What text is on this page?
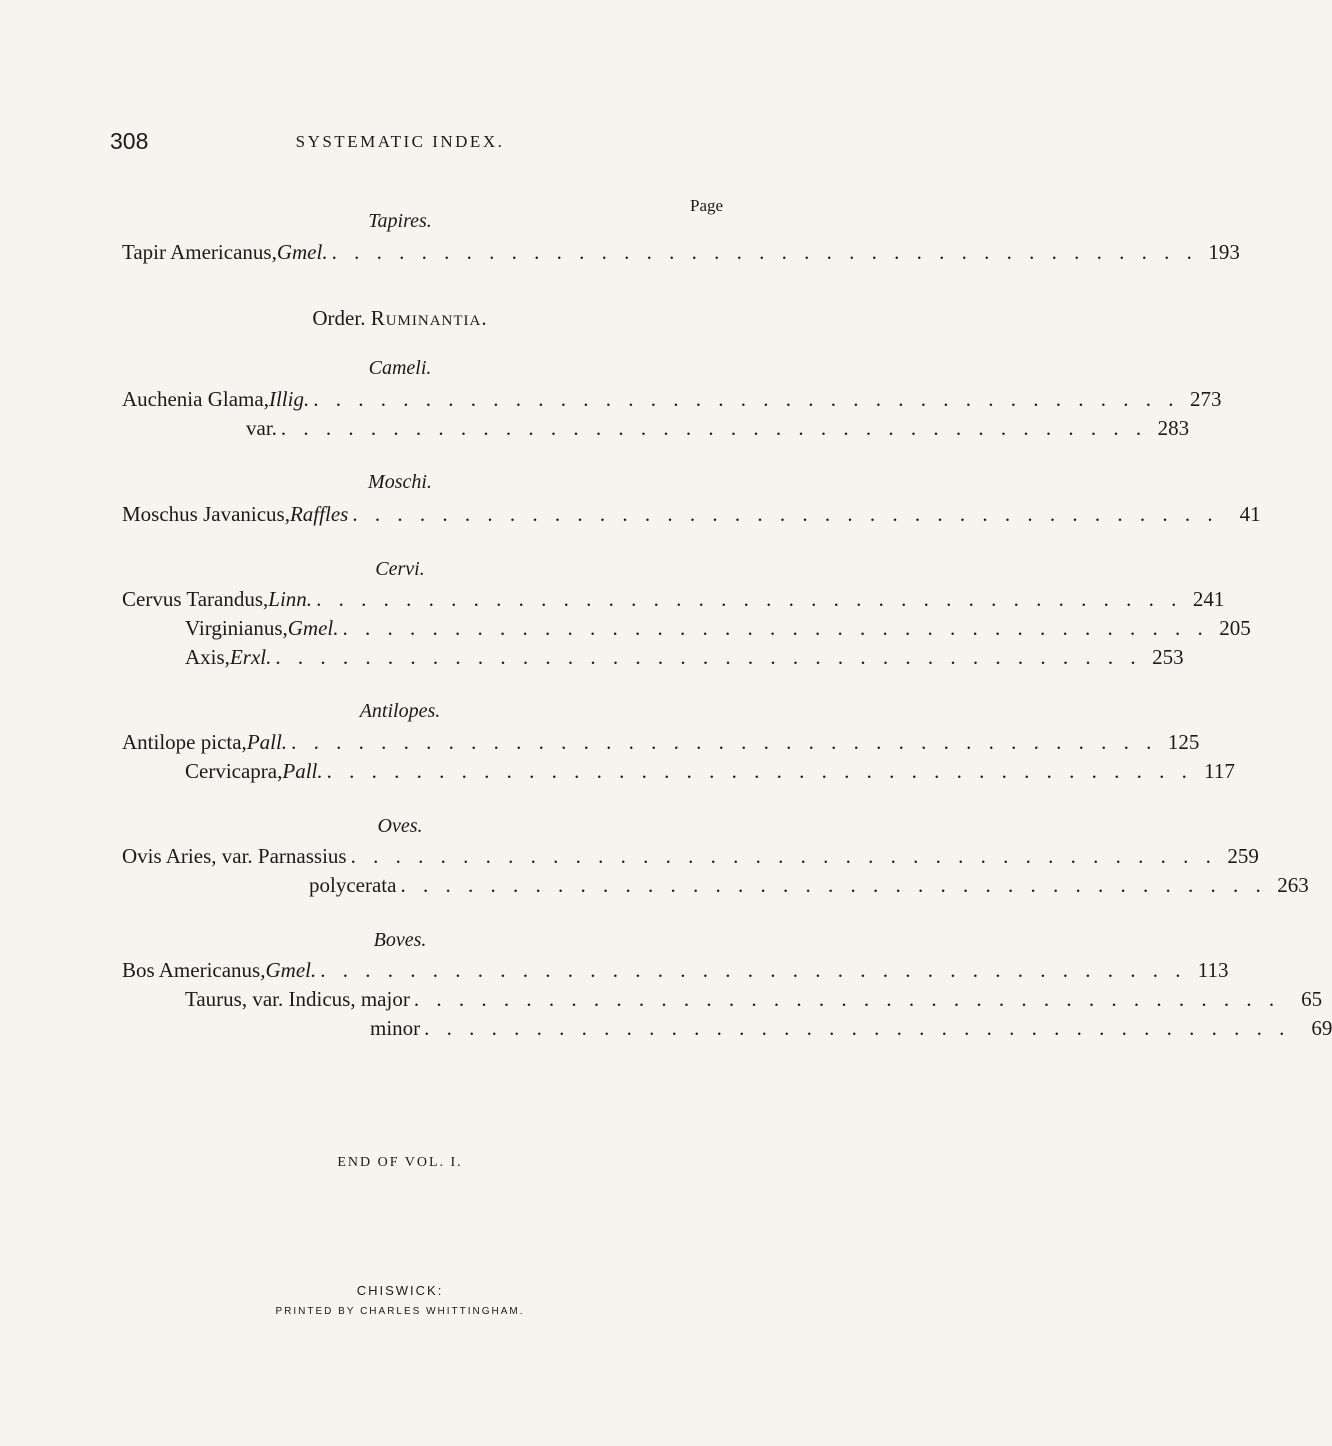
308	SYSTEMATIC INDEX.
Page
Tapires.
Tapir Americanus, Gmel. . . . . . . . . . . . . . . . . . . . . . . . . . . . . . . . . . . . . . . . 193
Order. Ruminantia.
Cameli.
Auchenia Glama, Illig. . . . . . . . . . . . . . . . . . . . . . . . . . . . . . . . . . . . . . . . 273
var. . . . . . . . . . . . . . . . . . . . . . . . . . . . . . . . . . . . . . . . 283
Moschi.
Moschus Javanicus, Raffles . . . . . . . . . . . . . . . . . . . . . . . . . . . . . . . . . . . . . . .	41
Cervi.
Cervus Tarandus, Linn. . . . . . . . . . . . . . . . . . . . . . . . . . . . . . . . . . . . . . . . 241
Virginianus, Gmel. . . . . . . . . . . . . . . . . . . . . . . . . . . . . . . . . . . . . . . . 205
Axis, Erxl. . . . . . . . . . . . . . . . . . . . . . . . . . . . . . . . . . . . . . . . 253
Antilopes.
Antilope picta, Pall. . . . . . . . . . . . . . . . . . . . . . . . . . . . . . . . . . . . . . . . 125
Cervicapra, Pall. . . . . . . . . . . . . . . . . . . . . . . . . . . . . . . . . . . . . . . . 117
Oves.
Ovis Aries, var. Parnassius . . . . . . . . . . . . . . . . . . . . . . . . . . . . . . . . . . . . . . . 259
polycerata . . . . . . . . . . . . . . . . . . . . . . . . . . . . . . . . . . . . . . . 263
Boves.
Bos Americanus, Gmel. . . . . . . . . . . . . . . . . . . . . . . . . . . . . . . . . . . . . . . . 113
Taurus, var. Indicus, major . . . . . . . . . . . . . . . . . . . . . . . . . . . . . . . . . . . . . . .	65
minor . . . . . . . . . . . . . . . . . . . . . . . . . . . . . . . . . . . . . . .	69
END OF VOL. I.
CHISWICK:
PRINTED BY CHARLES WHITTINGHAM.
